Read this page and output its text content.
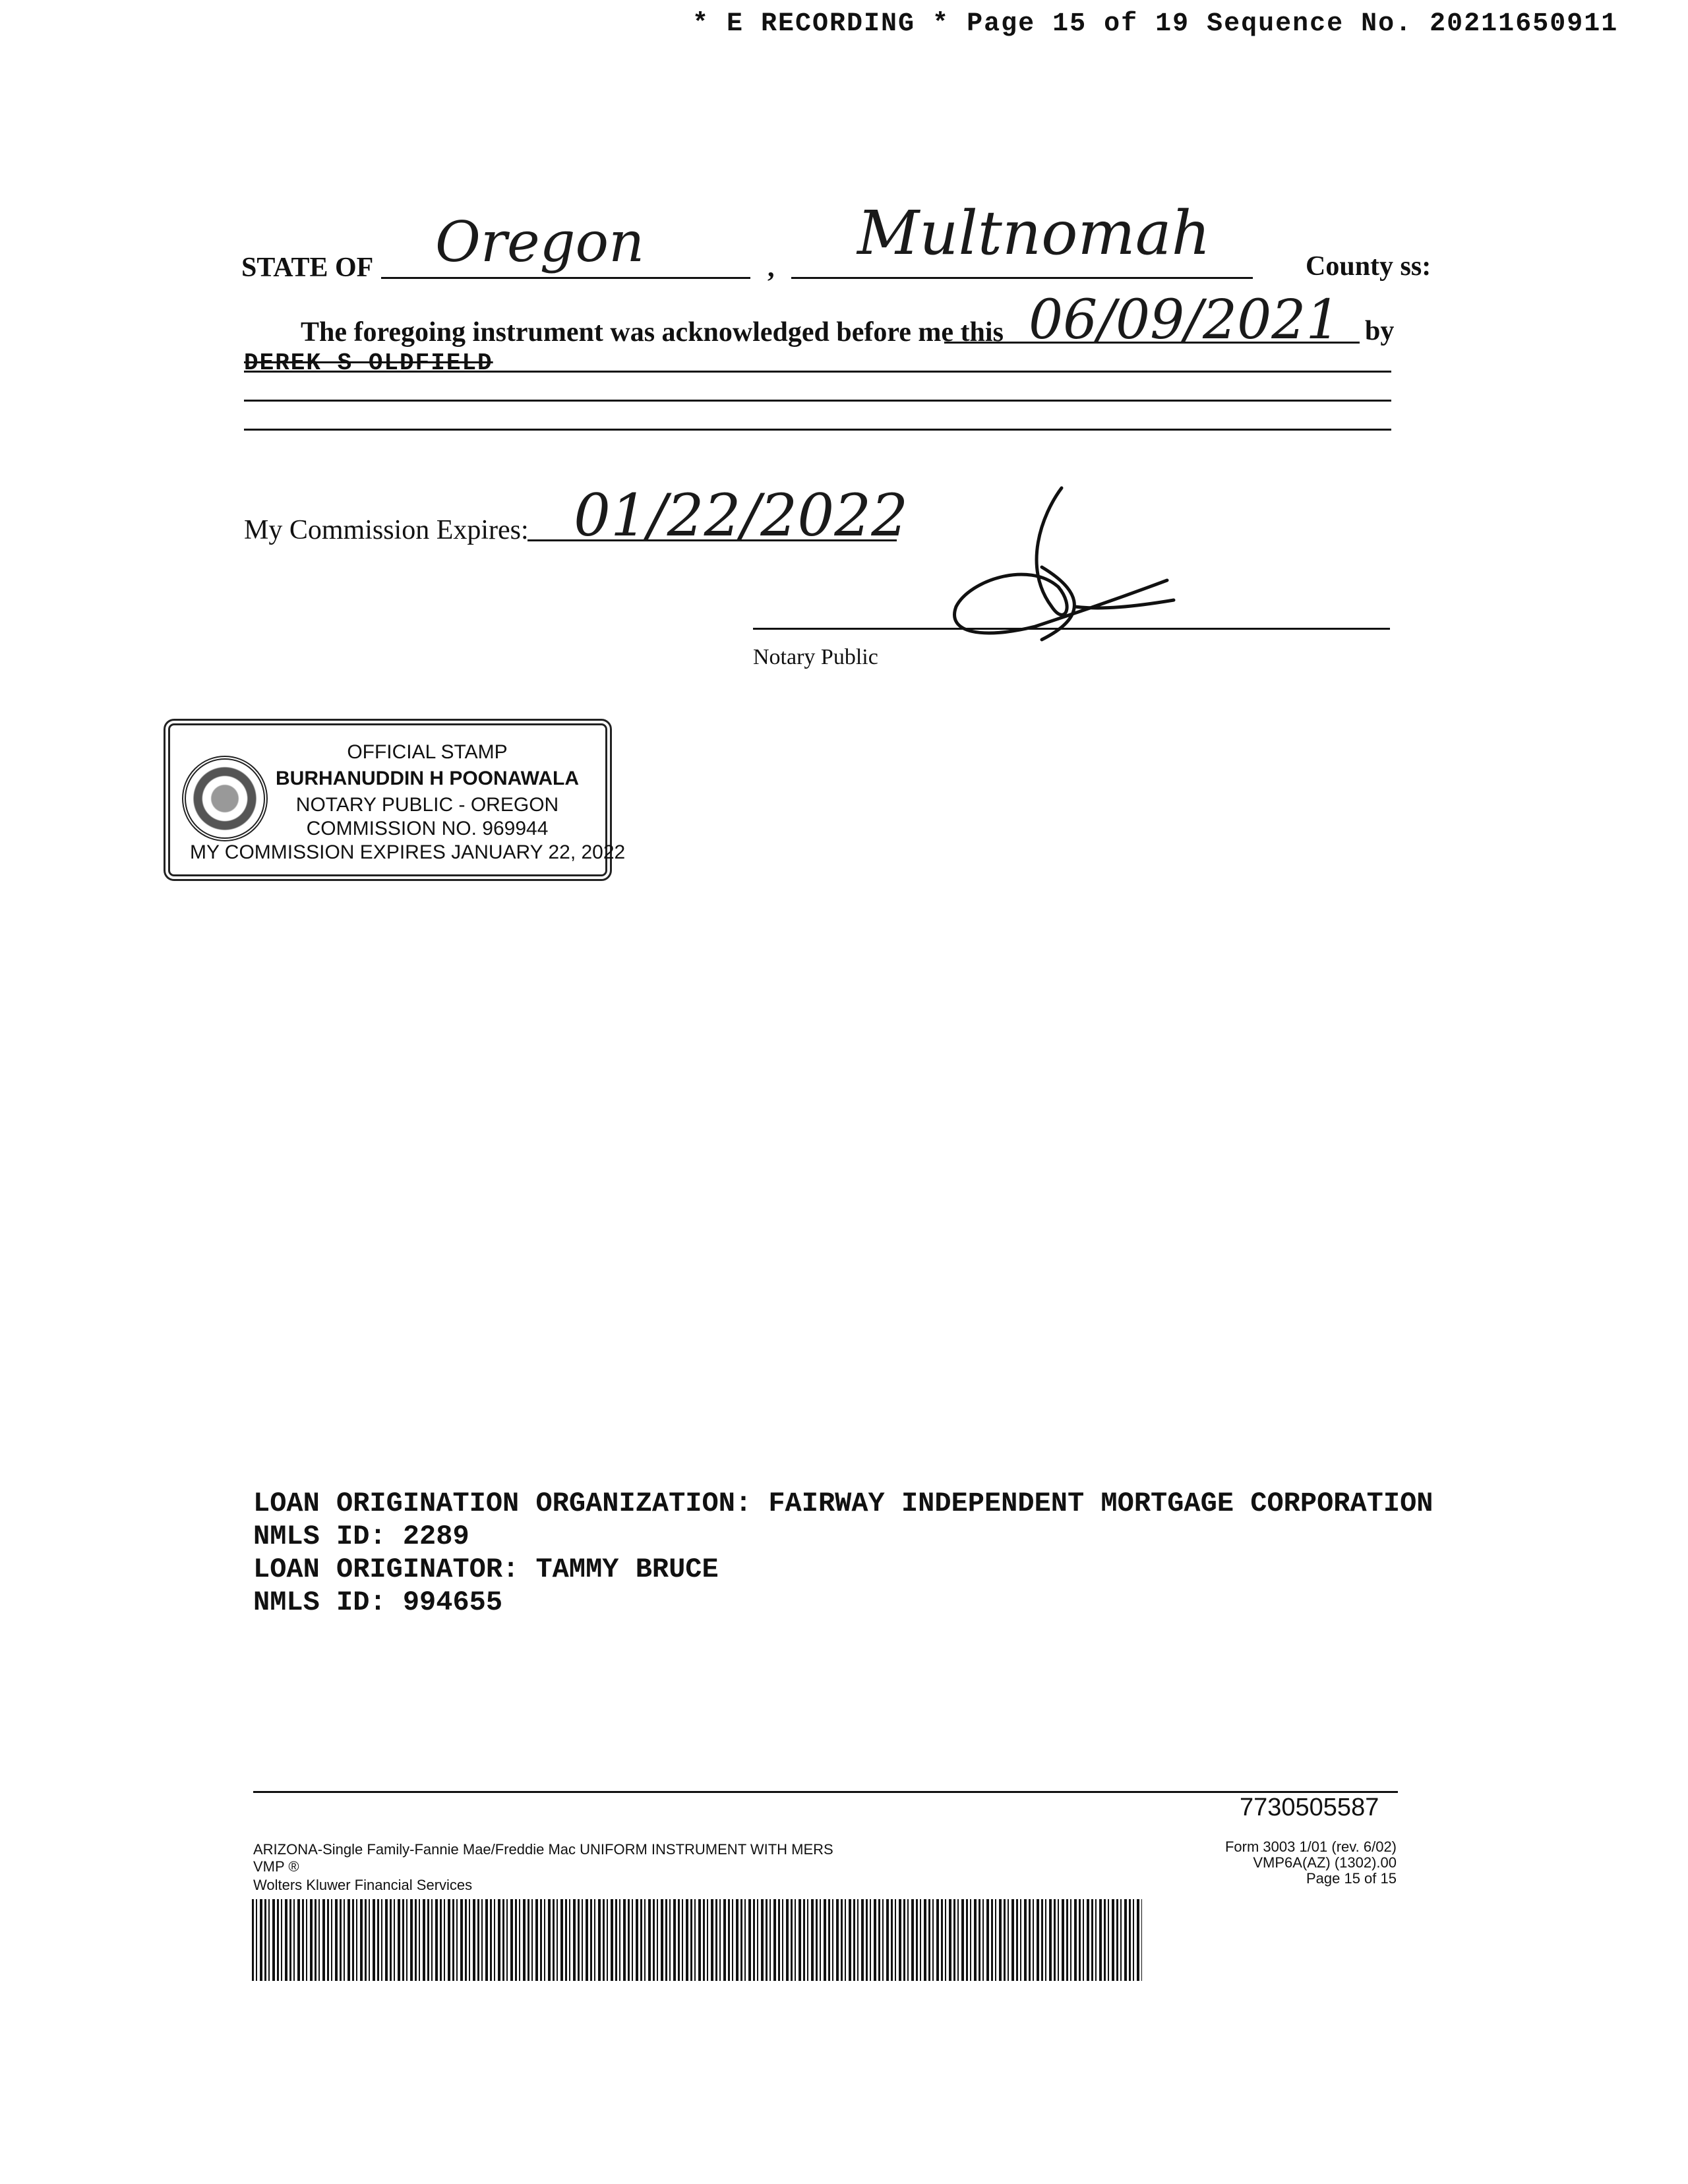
* E RECORDING * Page 15 of 19 Sequence No. 20211650911
STATE OF Oregon	, Multnomah	County ss:
The foregoing instrument was acknowledged before me this 06/09/2021 by
DEREK S OLDFIELD
My Commission Expires: 01/22/2022
Notary Public
OFFICIAL STAMP
BURHANUDDIN H POONAWALA
NOTARY PUBLIC - OREGON
COMMISSION NO. 969944
MY COMMISSION EXPIRES JANUARY 22, 2022
LOAN ORIGINATION ORGANIZATION: FAIRWAY INDEPENDENT MORTGAGE CORPORATION
NMLS ID: 2289
LOAN ORIGINATOR: TAMMY BRUCE
NMLS ID: 994655
7730505587
ARIZONA-Single Family-Fannie Mae/Freddie Mac UNIFORM INSTRUMENT WITH MERS
VMP ®
Wolters Kluwer Financial Services
Form 3003 1/01 (rev. 6/02)
VMP6A(AZ) (1302).00
Page 15 of 15
